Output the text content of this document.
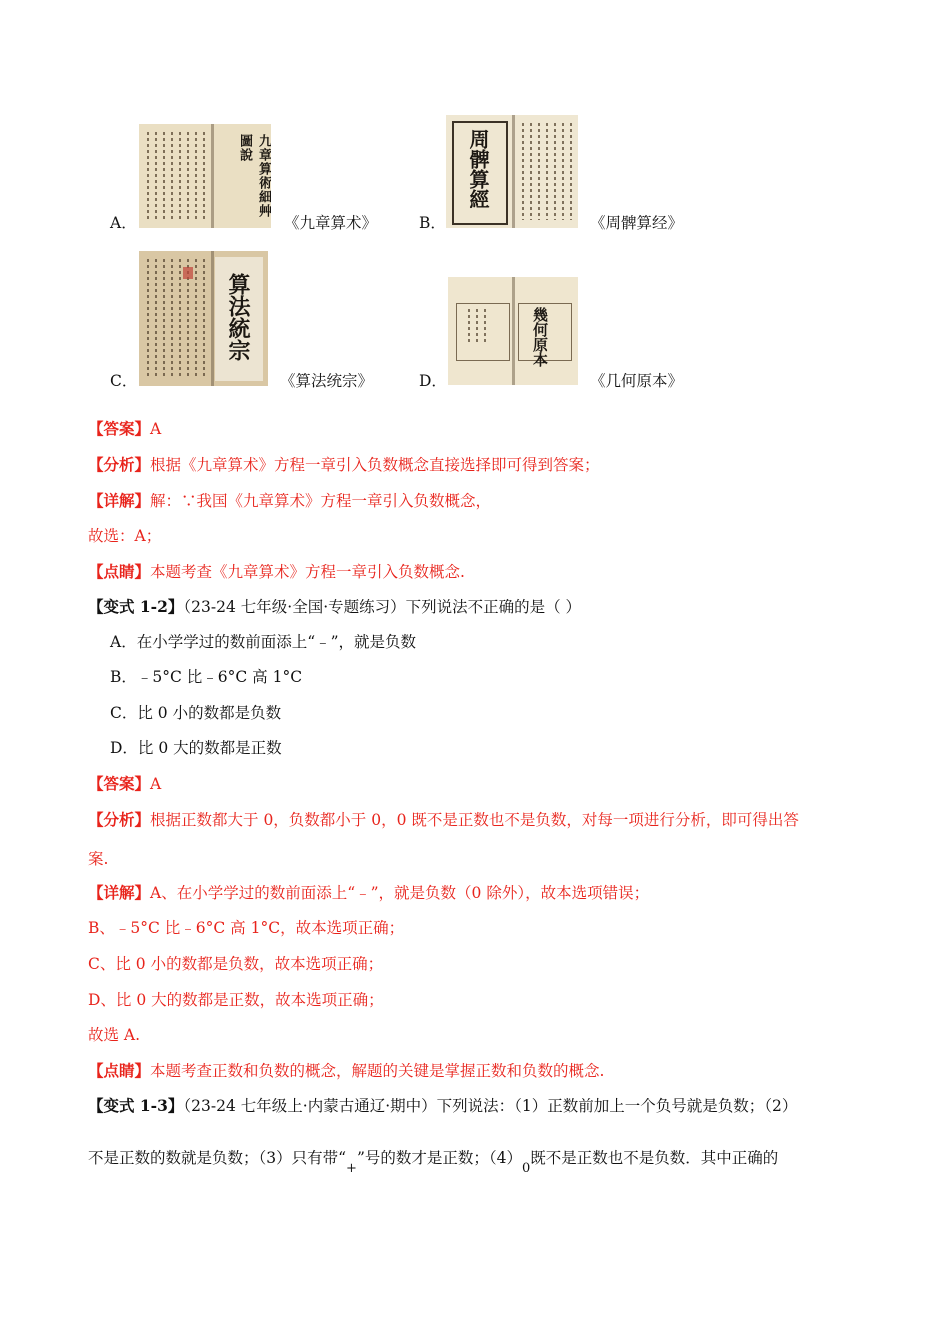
A．
九章算術細艸圖說
《九章算术》	B．
周髀算經
《周髀算经》
C．
算法統宗
《算法统宗》	D．
幾何原本
《几何原本》
【答案】A
【分析】根据《九章算术》方程一章引入负数概念直接选择即可得到答案；
【详解】解：∵我国《九章算术》方程一章引入负数概念，
故选：A；
【点睛】本题考查《九章算术》方程一章引入负数概念.
【变式 1-2】（23-24 七年级·全国·专题练习）下列说法不正确的是（ ）
A．在小学学过的数前面添上“﹣”，就是负数
B．﹣5°C 比﹣6°C 高 1°C
C．比 0 小的数都是负数
D．比 0 大的数都是正数
【答案】A
【分析】根据正数都大于 0，负数都小于 0，0 既不是正数也不是负数，对每一项进行分析，即可得出答
案.
【详解】A、在小学学过的数前面添上“﹣”，就是负数（0 除外），故本选项错误；
B、﹣5°C 比﹣6°C 高 1°C，故本选项正确；
C、比 0 小的数都是负数，故本选项正确；
D、比 0 大的数都是正数，故本选项正确；
故选 A.
【点睛】本题考查正数和负数的概念，解题的关键是掌握正数和负数的概念.
【变式 1-3】（23-24 七年级上·内蒙古通辽·期中）下列说法：（1）正数前加上一个负号就是负数；（2）
不是正数的数就是负数；（3）只有带“$_+$”号的数才是正数；$(4)_0$既不是正数也不是负数．其中正确的
